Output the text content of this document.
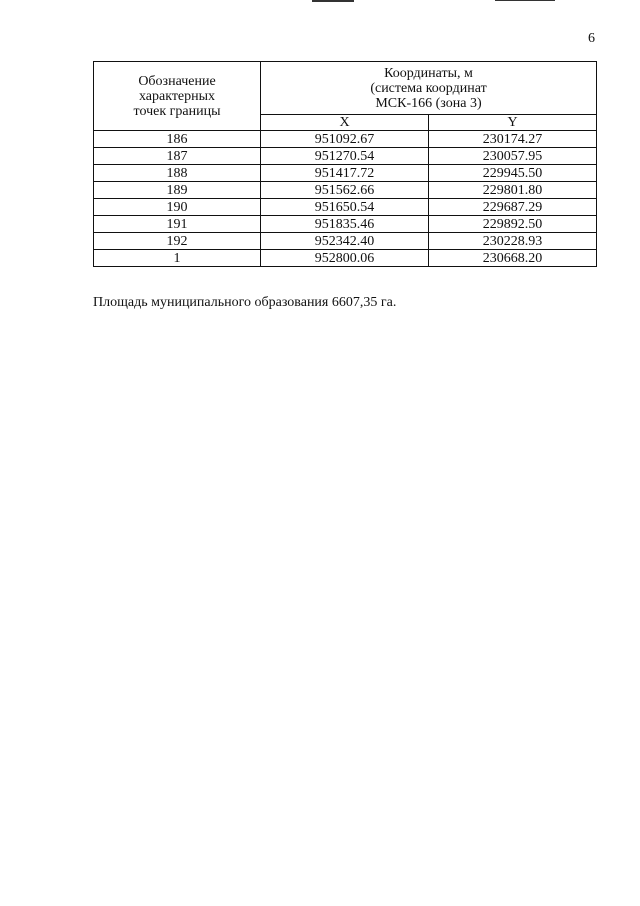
6
Обозначение
характерных
точек границы	Координаты, м
(система координат
МСК-166 (зона 3)	

	X	Y
186	951092.67	230174.27
187	951270.54	230057.95
188	951417.72	229945.50
189	951562.66	229801.80
190	951650.54	229687.29
191	951835.46	229892.50
192	952342.40	230228.93
1	952800.06	230668.20
Площадь муниципального образования 6607,35 га.
